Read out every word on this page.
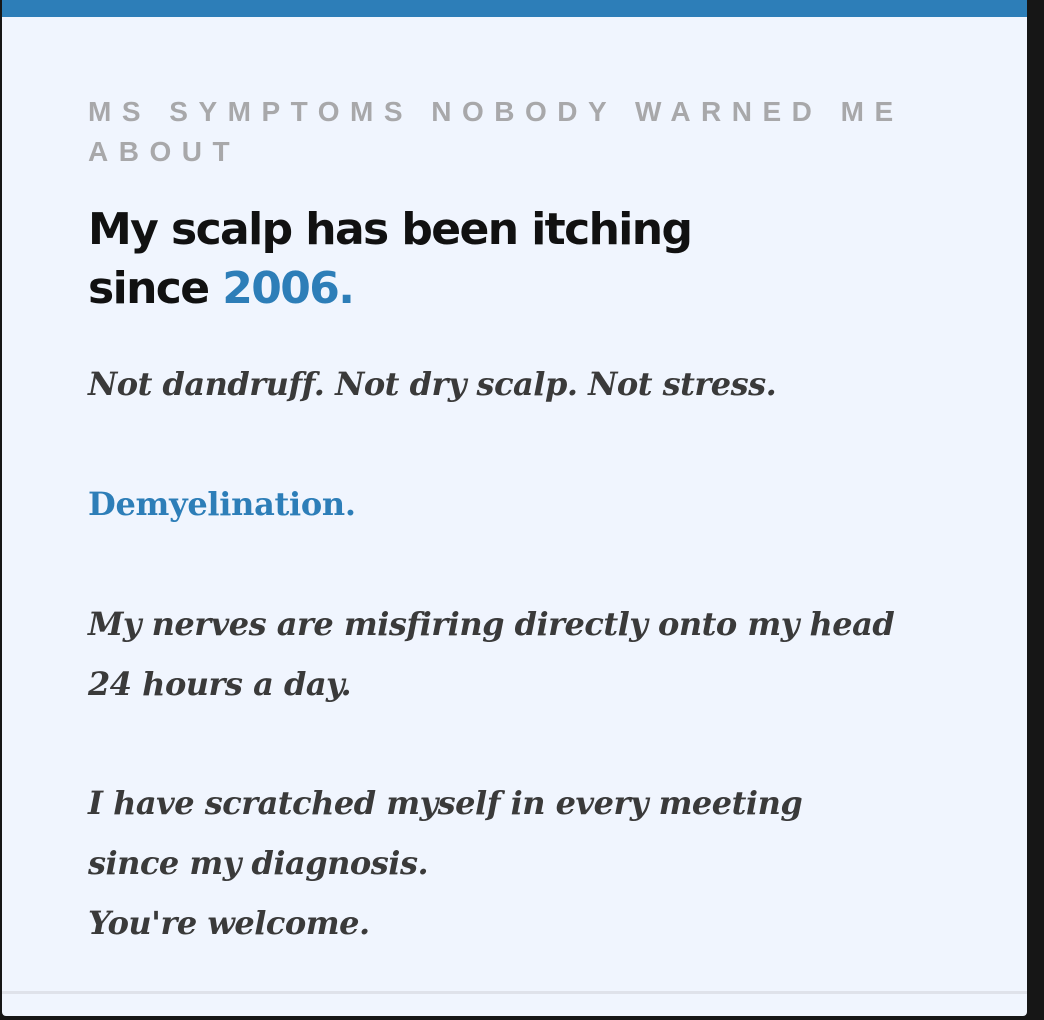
MS SYMPTOMS NOBODY WARNED ME ABOUT

My scalp has been itching since 2006.

Not dandruff. Not dry scalp. Not stress.

Demyelination.

My nerves are misfiring directly onto my head

24 hours a day.

I have scratched myself in every meeting

since my diagnosis.

You're welcome.
